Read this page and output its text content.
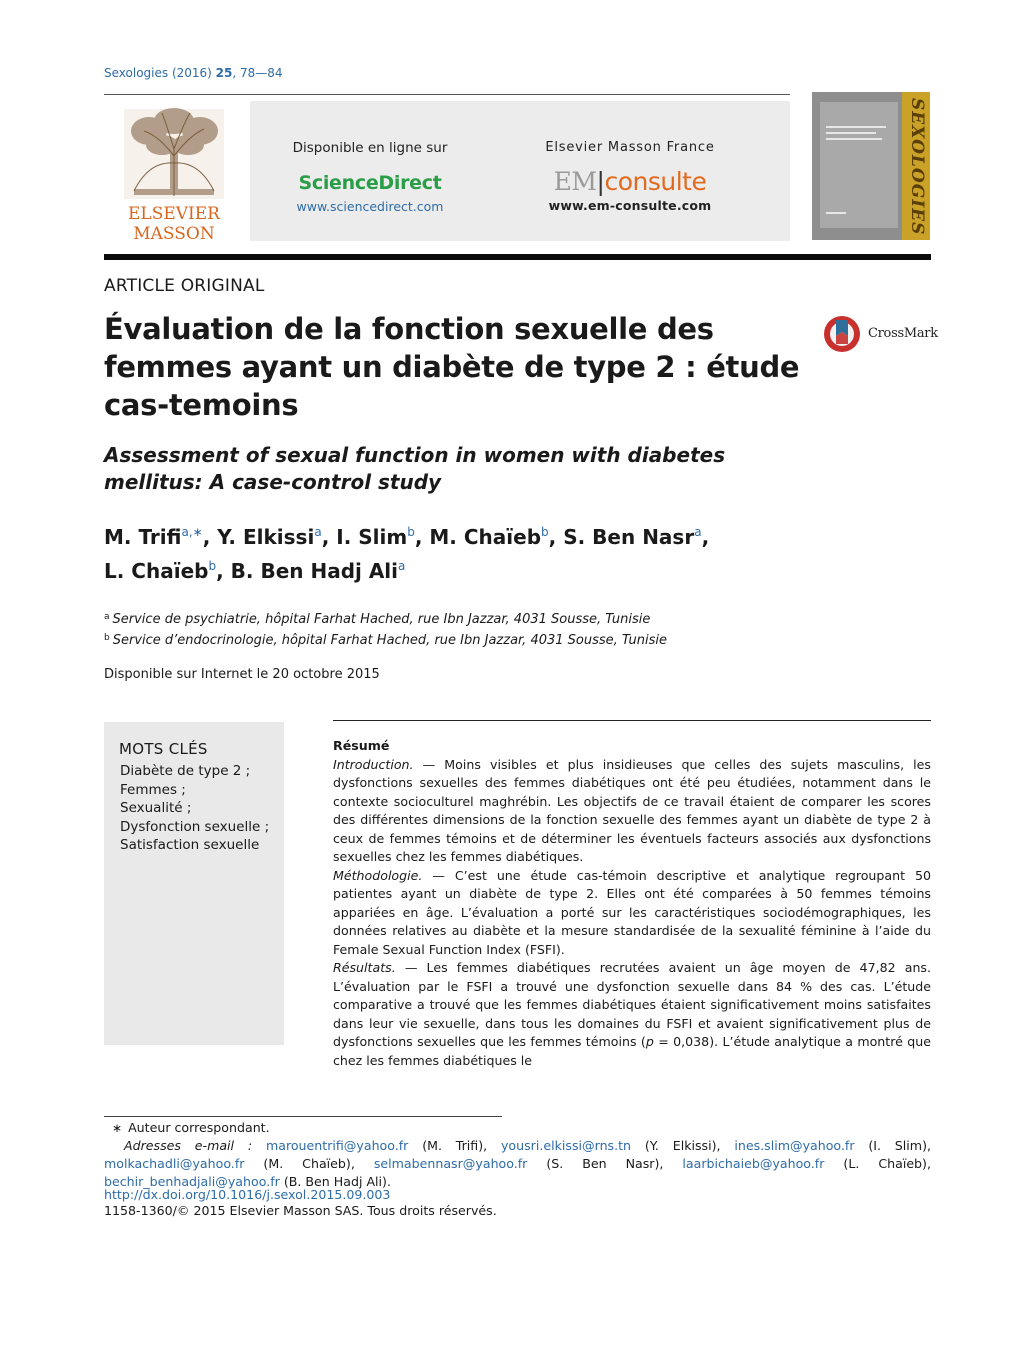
Sexologies (2016) 25, 78—84
ELSEVIER
MASSON
Disponible en ligne sur
ScienceDirect
www.sciencedirect.com
Elsevier Masson France
EM|consulte
www.em-consulte.com	SEXOLOGIES
ARTICLE ORIGINAL
Évaluation de la fonction sexuelle des femmes ayant un diabète de type 2 : étude cas-temoins
CrossMark
Assessment of sexual function in women with diabetes mellitus: A case-control study
M. Trifi$^{a,∗}$, Y. Elkissi$^a$, I. Slim$^b$, M. Chaïeb$^b$, S. Ben Nasr$^a$,
L. Chaïeb$^b$, B. Ben Hadj Ali$^a$
$^a$ Service de psychiatrie, hôpital Farhat Hached, rue Ibn Jazzar, 4031 Sousse, Tunisie
$^b$ Service d’endocrinologie, hôpital Farhat Hached, rue Ibn Jazzar, 4031 Sousse, Tunisie
Disponible sur Internet le 20 octobre 2015
MOTS CLÉS
Diabète de type 2 ;
Femmes ;
Sexualité ;
Dysfonction sexuelle ;
Satisfaction sexuelle
Résumé
Introduction. — Moins visibles et plus insidieuses que celles des sujets masculins, les dysfonctions sexuelles des femmes diabétiques ont été peu étudiées, notamment dans le contexte socioculturel maghrébin. Les objectifs de ce travail étaient de comparer les scores des différentes dimensions de la fonction sexuelle des femmes ayant un diabète de type 2 à ceux de femmes témoins et de déterminer les éventuels facteurs associés aux dysfonctions sexuelles chez les femmes diabétiques.
Méthodologie. — C’est une étude cas-témoin descriptive et analytique regroupant 50 patientes ayant un diabète de type 2. Elles ont été comparées à 50 femmes témoins appariées en âge. L’évaluation a porté sur les caractéristiques sociodémographiques, les données relatives au diabète et la mesure standardisée de la sexualité féminine à l’aide du Female Sexual Function Index (FSFI).
Résultats. — Les femmes diabétiques recrutées avaient un âge moyen de 47,82 ans. L’évaluation par le FSFI a trouvé une dysfonction sexuelle dans 84 % des cas. L’étude comparative a trouvé que les femmes diabétiques étaient significativement moins satisfaites dans leur vie sexuelle, dans tous les domaines du FSFI et avaient significativement plus de dysfonctions sexuelles que les femmes témoins (p = 0,038). L’étude analytique a montré que chez les femmes diabétiques le
∗ Auteur correspondant.
Adresses e-mail : marouentrifi@yahoo.fr (M. Trifi), yousri.elkissi@rns.tn (Y. Elkissi), ines.slim@yahoo.fr (I. Slim), molkachadli@yahoo.fr (M. Chaïeb), selmabennasr@yahoo.fr (S. Ben Nasr), laarbichaieb@yahoo.fr (L. Chaïeb), bechir_benhadjali@yahoo.fr (B. Ben Hadj Ali).
http://dx.doi.org/10.1016/j.sexol.2015.09.003
1158-1360/© 2015 Elsevier Masson SAS. Tous droits réservés.
